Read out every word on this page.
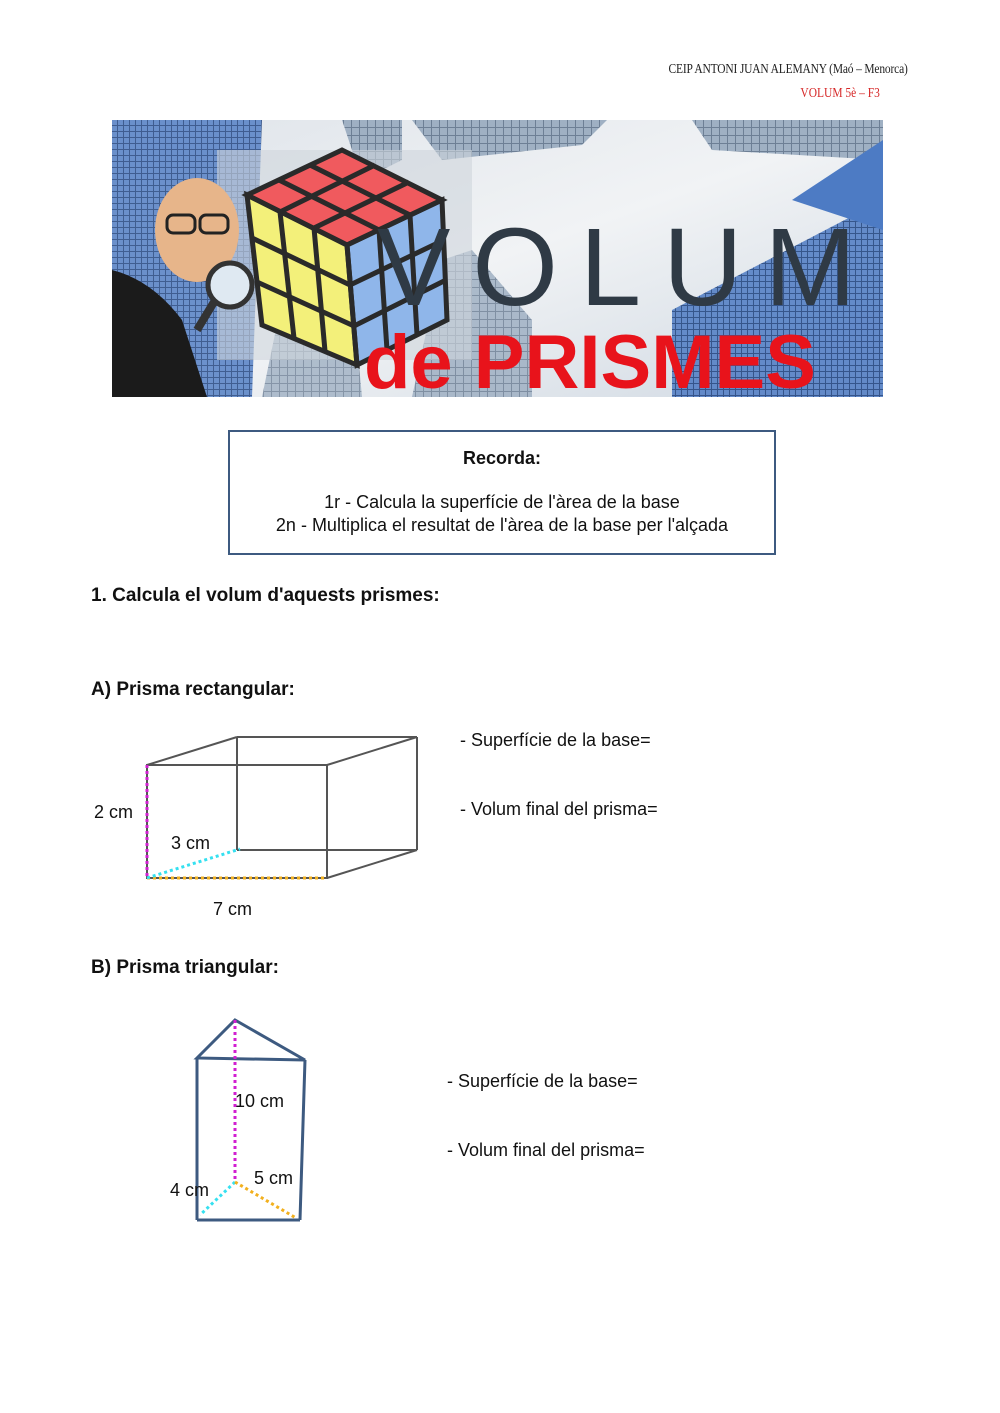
CEIP ANTONI JUAN ALEMANY (Maó – Menorca)
VOLUM 5è – F3
VOLUM
de PRISMES
Recorda:

1r - Calcula la superfície de l'àrea de la base

2n - Multiplica el resultat de l'àrea de la base per l'alçada

1. Calcula el volum d'aquests prismes:
A) Prisma rectangular:
2 cm
3 cm
7 cm
- Superfície de la base=
- Volum final del prisma=
B) Prisma triangular:
10 cm
4 cm
5 cm
- Superfície de la base=
- Volum final del prisma=
